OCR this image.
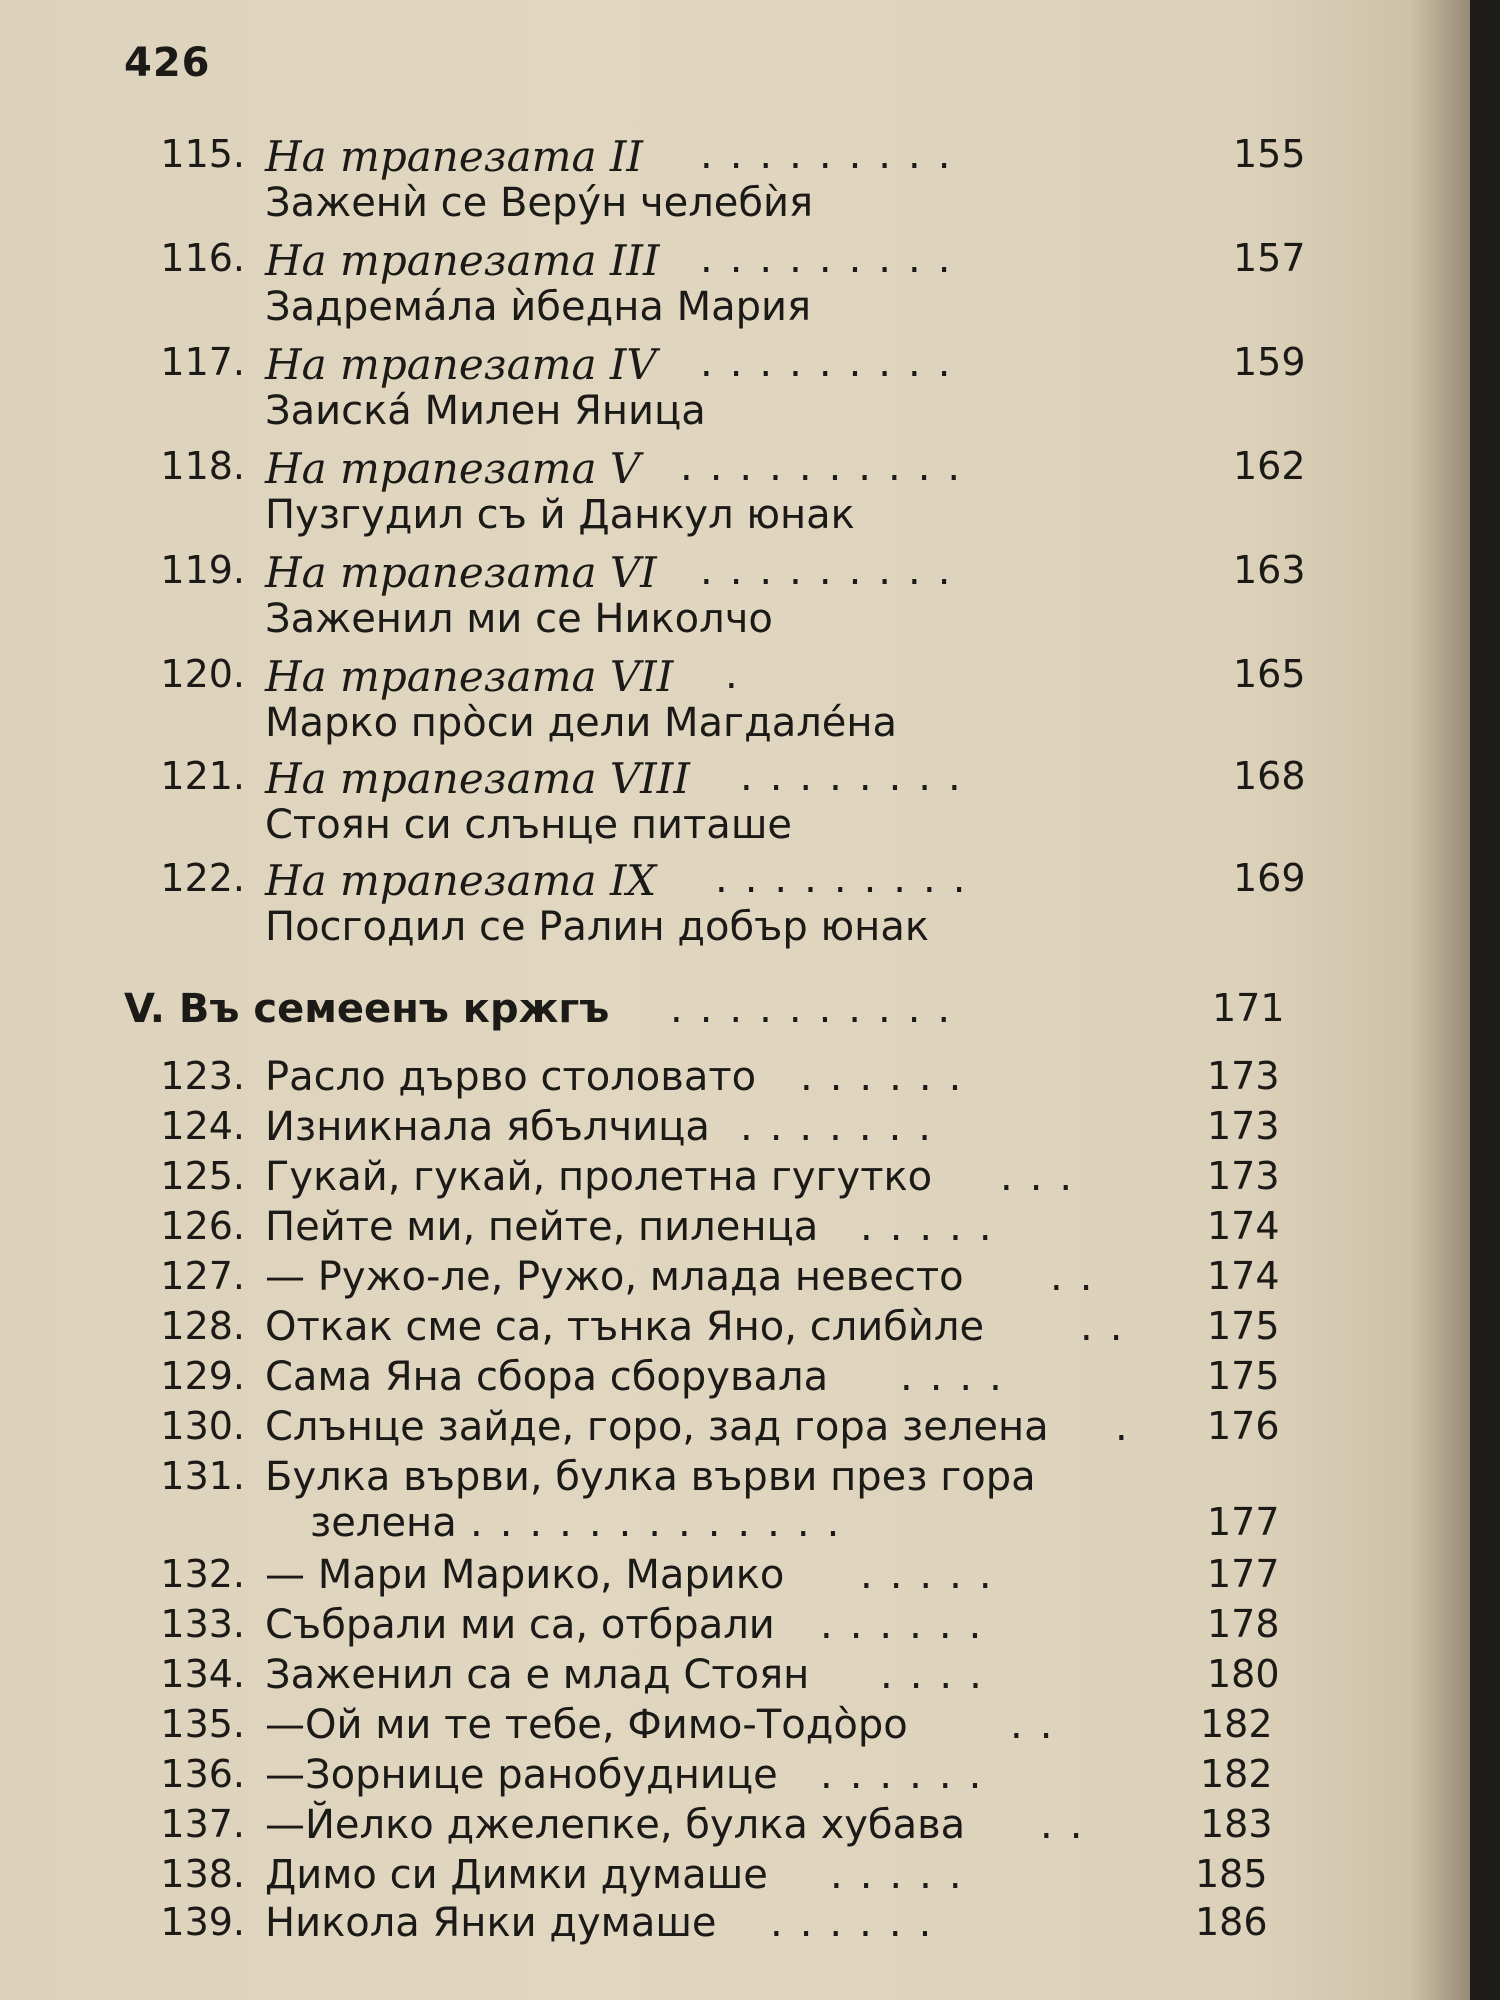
426
115. На трапезата II .........	155
Заженѝ се Верýн челебѝя
116. На трапезата III .........	157
Задремáла ѝбедна Мария
117. На трапезата IV .........	159
Заискá Милен Яница
118. На трапезата V ..........	162
Пузгудил съ й Данкул юнак
119. На трапезата VI .........	163
Заженил ми се Николчо
120. На трапезата VII .	165
Марко прòси дели Магдалéна
121. На трапезата VIII ........	168
Стоян си слънце питаше
122. На трапезата IX .........	169
Посгодил се Ралин добър юнак
V. Въ семеенъ кржгъ ..........	171
123. Расло дърво столовато ......	173
124. Изникнала ябълчица .......	173
125. Гукай, гукай, пролетна гугутко ...	173
126. Пейте ми, пейте, пиленца .....	174
127. — Ружо-ле, Ружо, млада невесто ..	174
128. Откак сме са, тънка Яно, слибѝле .. 175
129. Сама Яна сбора сборувала ....	175
130. Слънце зайде, горо, зад гора зелена . 176
131. Булка върви, булка върви през гора
зелена .............	177
132. — Мари Марико, Марико .....	177
133. Събрали ми са, отбрали ......	178
134. Заженил са е млад Стоян ....	180
135. —Ой ми те тебе, Фимо-Тодòро	..	182
136. —Зорнице ранобуднице ......	182
137. —Йелко джелепке, булка хубава ..	183
138. Димо си Димки думаше .....	185
139. Никола Янки думаше ......	186
